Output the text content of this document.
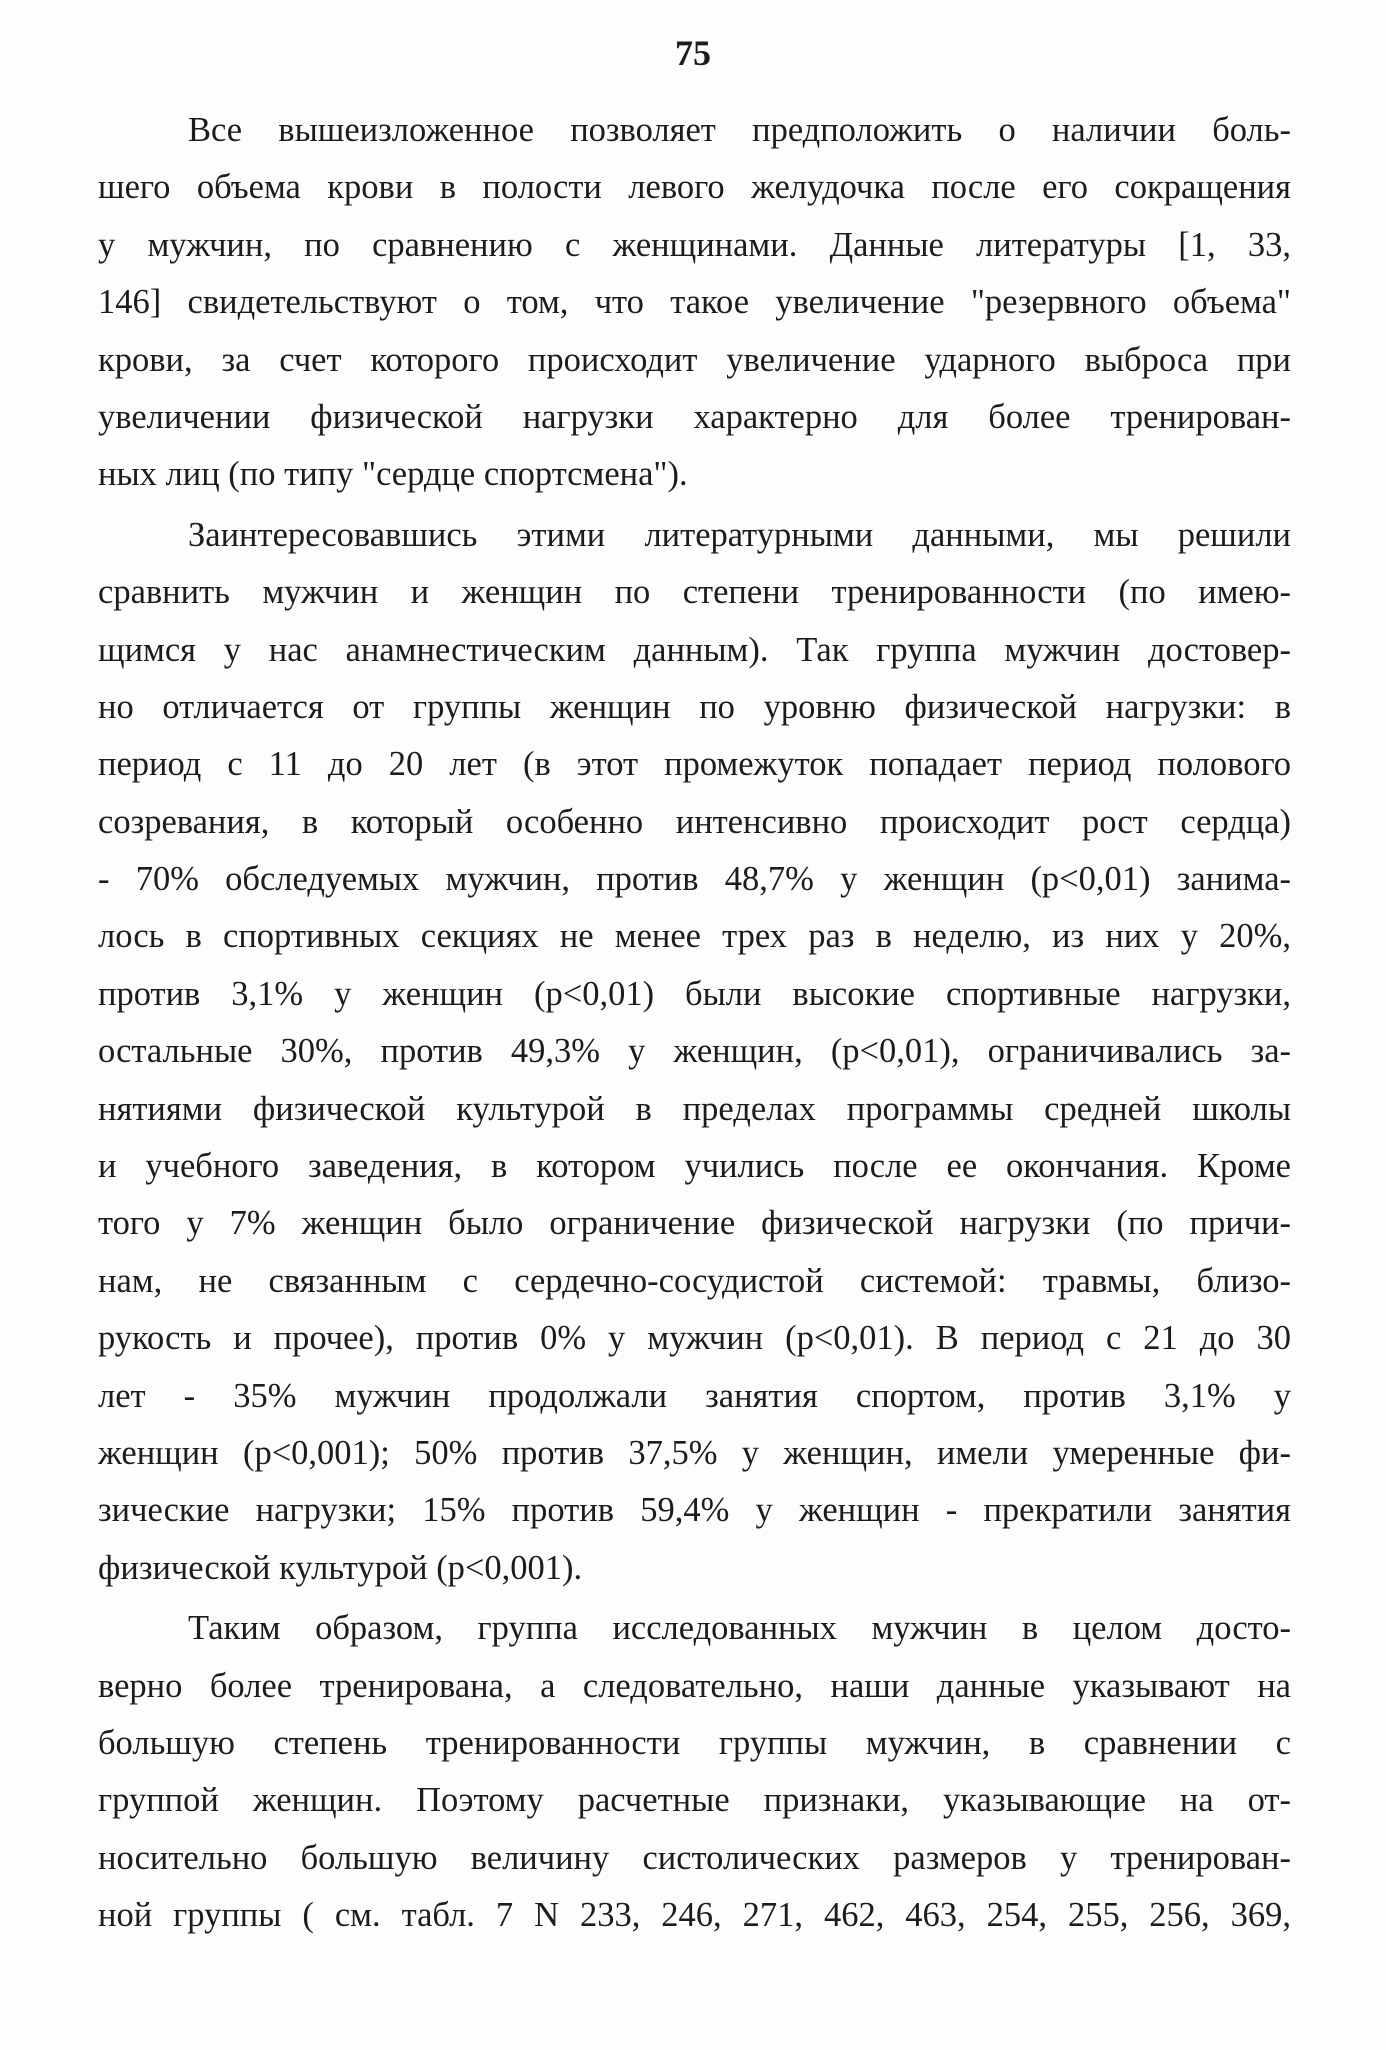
75
Все вышеизложенное позволяет предположить о наличии боль-
шего объема крови в полости левого желудочка после его сокращения
у мужчин, по сравнению с женщинами. Данные литературы [1, 33,
146] свидетельствуют о том, что такое увеличение "резервного объема"
крови, за счет которого происходит увеличение ударного выброса при
увеличении физической нагрузки характерно для более тренирован-
ных лиц (по типу "сердце спортсмена").
Заинтересовавшись этими литературными данными, мы решили
сравнить мужчин и женщин по степени тренированности (по имею-
щимся у нас анамнестическим данным). Так группа мужчин достовер-
но отличается от группы женщин по уровню физической нагрузки: в
период с 11 до 20 лет (в этот промежуток попадает период полового
созревания, в который особенно интенсивно происходит рост сердца)
- 70% обследуемых мужчин, против 48,7% у женщин (р<0,01) занима-
лось в спортивных секциях не менее трех раз в неделю, из них у 20%,
против 3,1% у женщин (р<0,01) были высокие спортивные нагрузки,
остальные 30%, против 49,3% у женщин, (р<0,01), ограничивались за-
нятиями физической культурой в пределах программы средней школы
и учебного заведения, в котором учились после ее окончания. Кроме
того у 7% женщин было ограничение физической нагрузки (по причи-
нам, не связанным с сердечно-сосудистой системой: травмы, близо-
рукость и прочее), против 0% у мужчин (р<0,01). В период с 21 до 30
лет - 35% мужчин продолжали занятия спортом, против 3,1% у
женщин (р<0,001); 50% против 37,5% у женщин, имели умеренные фи-
зические нагрузки; 15% против 59,4% у женщин - прекратили занятия
физической культурой (р<0,001).
Таким образом, группа исследованных мужчин в целом досто-
верно более тренирована, а следовательно, наши данные указывают на
большую степень тренированности группы мужчин, в сравнении с
группой женщин. Поэтому расчетные признаки, указывающие на от-
носительно большую величину систолических размеров у тренирован-
ной группы ( см. табл. 7 N 233, 246, 271, 462, 463, 254, 255, 256, 369,
